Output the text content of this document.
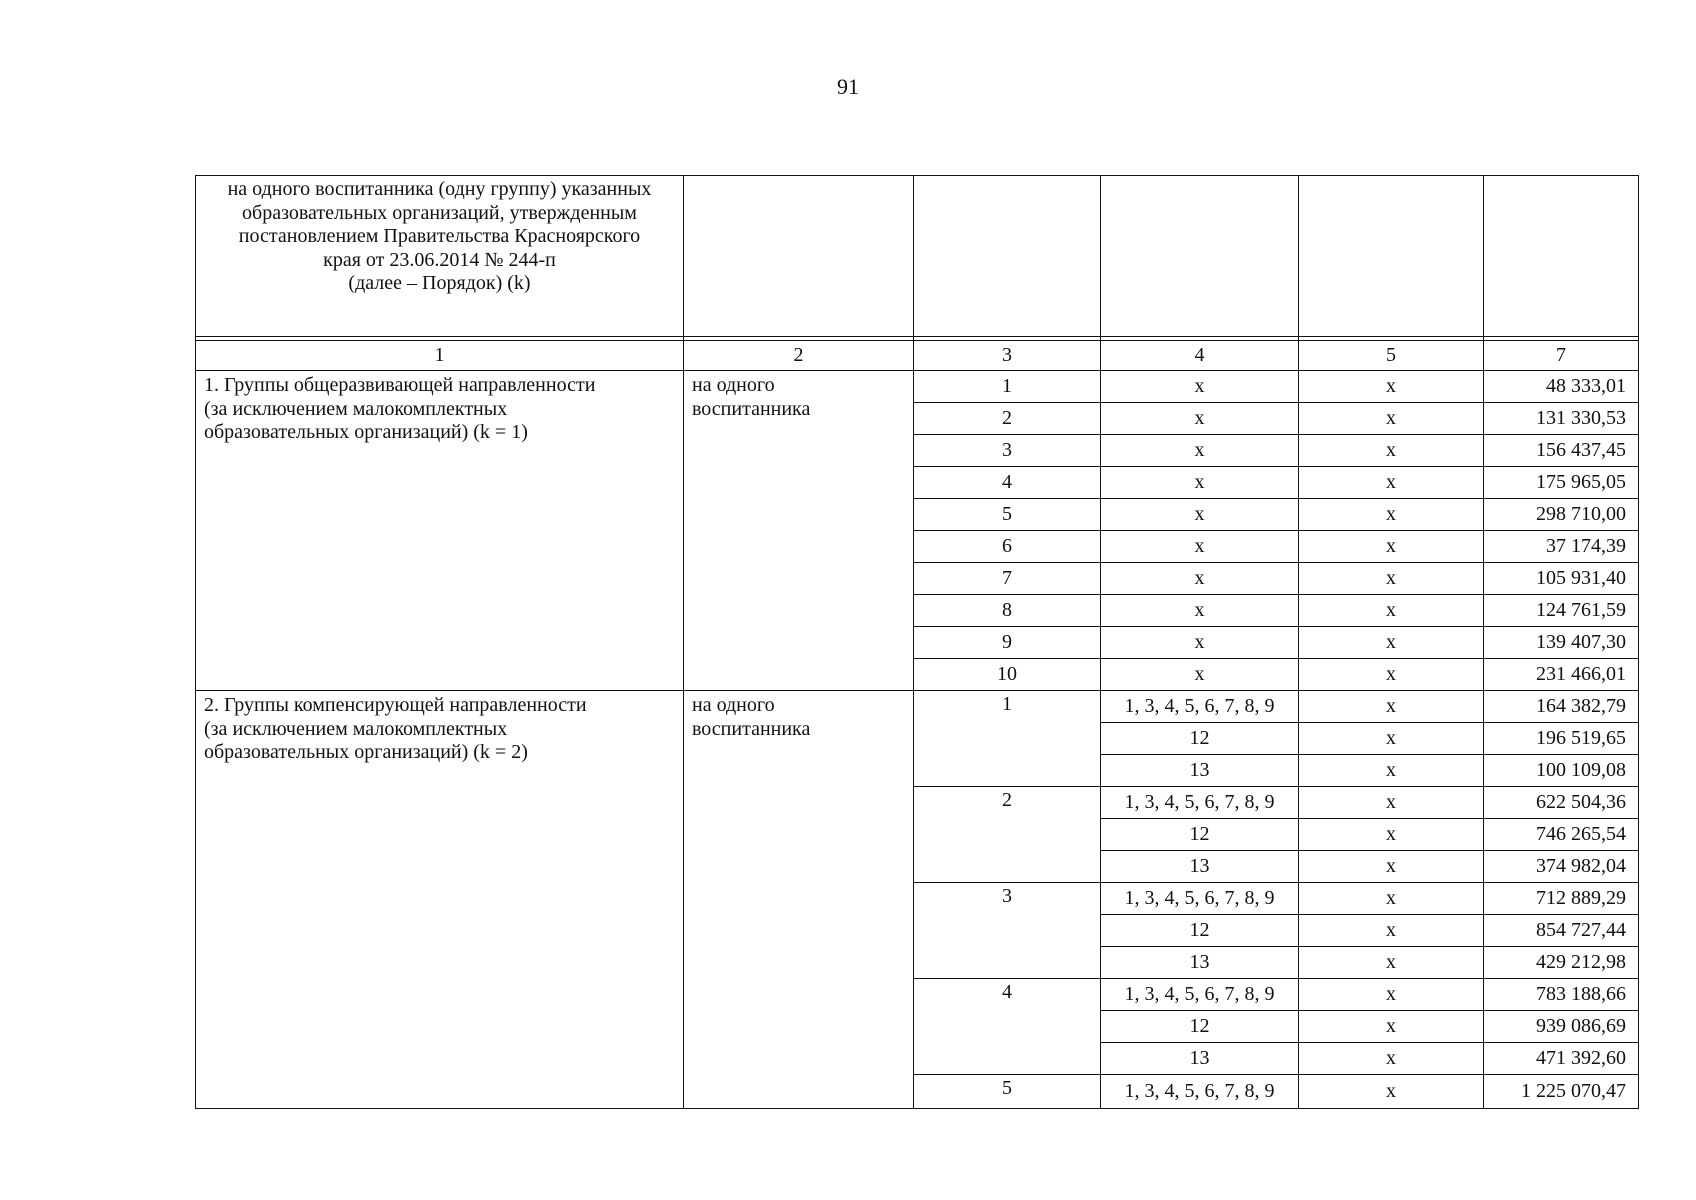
91
на одного воспитанника (одну группу) указанных
образовательных организаций, утвержденным
постановлением Правительства Красноярского
края от 23.06.2014 № 244-п
(далее – Порядок) (k)					

1	2	3	4	5	7

1. Группы общеразвивающей направленности
(за исключением малокомплектных
образовательных организаций) (k = 1)	на одного
воспитанника	1	х	х	48 333,01
		2	х	х	131 330,53
		3	х	х	156 437,45
		4	х	х	175 965,05
		5	х	х	298 710,00
		6	х	х	37 174,39
		7	х	х	105 931,40
		8	х	х	124 761,59
		9	х	х	139 407,30
		10	х	х	231 466,01

2. Группы компенсирующей направленности
(за исключением малокомплектных
образовательных организаций) (k = 2)	на одного
воспитанника	1	1, 3, 4, 5, 6, 7, 8, 9	х	164 382,79
			12	х	196 519,65
			13	х	100 109,08
		2	1, 3, 4, 5, 6, 7, 8, 9	х	622 504,36
			12	х	746 265,54
			13	х	374 982,04
		3	1, 3, 4, 5, 6, 7, 8, 9	х	712 889,29
			12	х	854 727,44
			13	х	429 212,98
		4	1, 3, 4, 5, 6, 7, 8, 9	х	783 188,66
			12	х	939 086,69
			13	х	471 392,60
		5	1, 3, 4, 5, 6, 7, 8, 9	х	1 225 070,47
